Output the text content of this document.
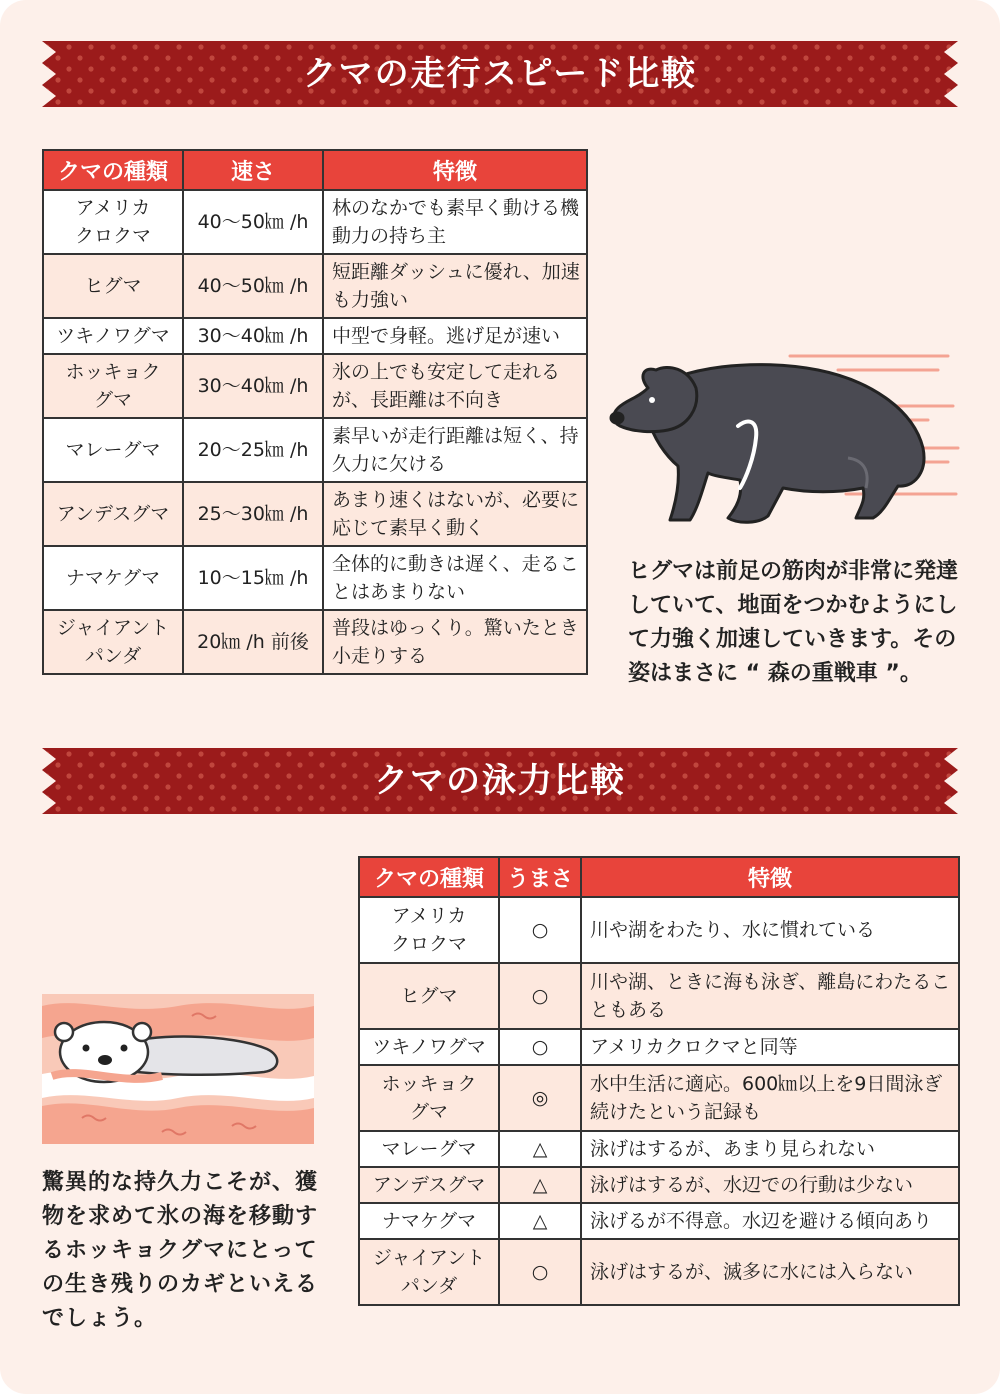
クマの走行スピード比較
クマの種類	速さ	特徴
アメリカ
クロクマ	40〜50㎞ /h	林のなかでも素早く動ける機動力の持ち主
ヒグマ	40〜50㎞ /h	短距離ダッシュに優れ、加速も力強い
ツキノワグマ	30〜40㎞ /h	中型で身軽。逃げ足が速い
ホッキョク
グマ	30〜40㎞ /h	氷の上でも安定して走れるが、長距離は不向き
マレーグマ	20〜25㎞ /h	素早いが走行距離は短く、持久力に欠ける
アンデスグマ	25〜30㎞ /h	あまり速くはないが、必要に応じて素早く動く
ナマケグマ	10〜15㎞ /h	全体的に動きは遅く、走ることはあまりない
ジャイアント
パンダ	20㎞ /h 前後	普段はゆっくり。驚いたとき小走りする
ヒグマは前足の筋肉が非常に発達していて、地面をつかむようにして力強く加速していきます。その姿はまさに “ 森の重戦車 ”。
クマの泳力比較
驚異的な持久力こそが、獲物を求めて氷の海を移動するホッキョクグマにとっての生き残りのカギといえるでしょう。
クマの種類	うまさ	特徴
アメリカ
クロクマ	○	川や湖をわたり、水に慣れている
ヒグマ	○	川や湖、ときに海も泳ぎ、離島にわたることもある
ツキノワグマ	○	アメリカクロクマと同等
ホッキョク
グマ	◎	水中生活に適応。600㎞以上を9日間泳ぎ続けたという記録も
マレーグマ	△	泳げはするが、あまり見られない
アンデスグマ	△	泳げはするが、水辺での行動は少ない
ナマケグマ	△	泳げるが不得意。水辺を避ける傾向あり
ジャイアント
パンダ	○	泳げはするが、滅多に水には入らない
